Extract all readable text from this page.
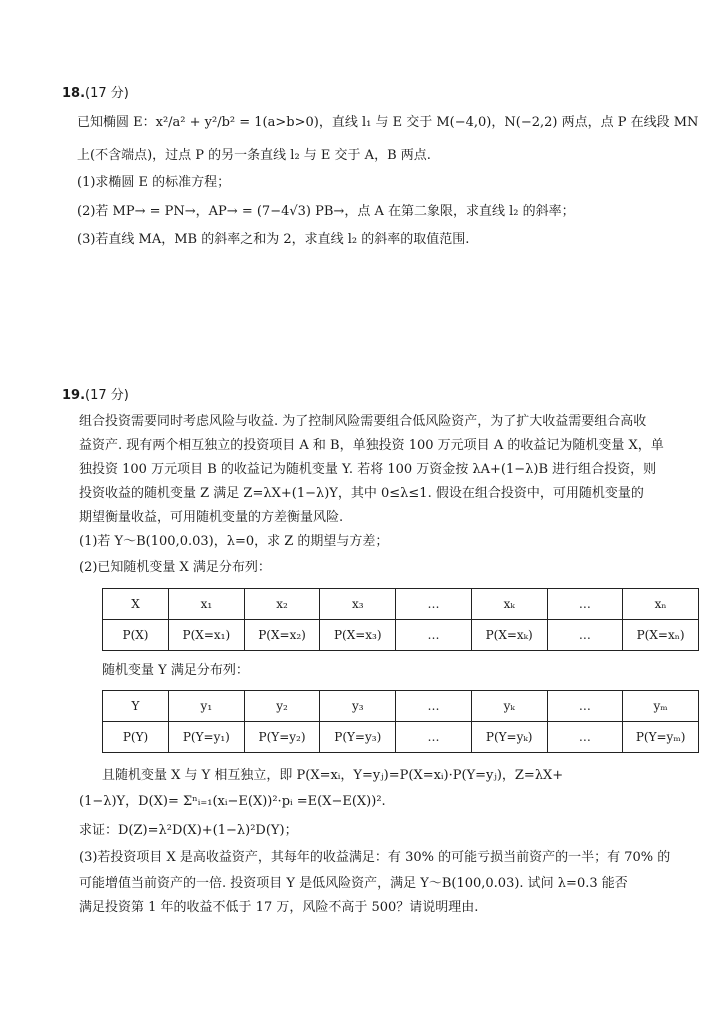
18.(17 分)
已知椭圆 E：x²/a² + y²/b² = 1(a>b>0)，直线 l₁ 与 E 交于 M(−4,0)，N(−2,2) 两点，点 P 在线段 MN
上(不含端点)，过点 P 的另一条直线 l₂ 与 E 交于 A，B 两点.
(1)求椭圆 E 的标准方程；
(2)若 MP→ = PN→，AP→ = (7−4√3) PB→，点 A 在第二象限，求直线 l₂ 的斜率；
(3)若直线 MA，MB 的斜率之和为 2，求直线 l₂ 的斜率的取值范围.
19.(17 分)
组合投资需要同时考虑风险与收益. 为了控制风险需要组合低风险资产，为了扩大收益需要组合高收
益资产. 现有两个相互独立的投资项目 A 和 B，单独投资 100 万元项目 A 的收益记为随机变量 X，单
独投资 100 万元项目 B 的收益记为随机变量 Y. 若将 100 万资金按 λA+(1−λ)B 进行组合投资，则
投资收益的随机变量 Z 满足 Z=λX+(1−λ)Y，其中 0≤λ≤1. 假设在组合投资中，可用随机变量的
期望衡量收益，可用随机变量的方差衡量风险.
(1)若 Y～B(100,0.03)，λ=0，求 Z 的期望与方差；
(2)已知随机变量 X 满足分布列：
X	x₁	x₂	x₃	…	xₖ	…	xₙ
P(X)	P(X=x₁)	P(X=x₂)	P(X=x₃)	…	P(X=xₖ)	…	P(X=xₙ)
随机变量 Y 满足分布列：
Y	y₁	y₂	y₃	…	yₖ	…	yₘ
P(Y)	P(Y=y₁)	P(Y=y₂)	P(Y=y₃)	…	P(Y=yₖ)	…	P(Y=yₘ)
且随机变量 X 与 Y 相互独立，即 P(X=xᵢ，Y=yⱼ)=P(X=xᵢ)·P(Y=yⱼ)，Z=λX+
(1−λ)Y，D(X)= Σⁿᵢ₌₁(xᵢ−E(X))²·pᵢ =E(X−E(X))².
求证：D(Z)=λ²D(X)+(1−λ)²D(Y)；
(3)若投资项目 X 是高收益资产，其每年的收益满足：有 30% 的可能亏损当前资产的一半；有 70% 的
可能增值当前资产的一倍. 投资项目 Y 是低风险资产，满足 Y～B(100,0.03). 试问 λ=0.3 能否
满足投资第 1 年的收益不低于 17 万，风险不高于 500？请说明理由.
